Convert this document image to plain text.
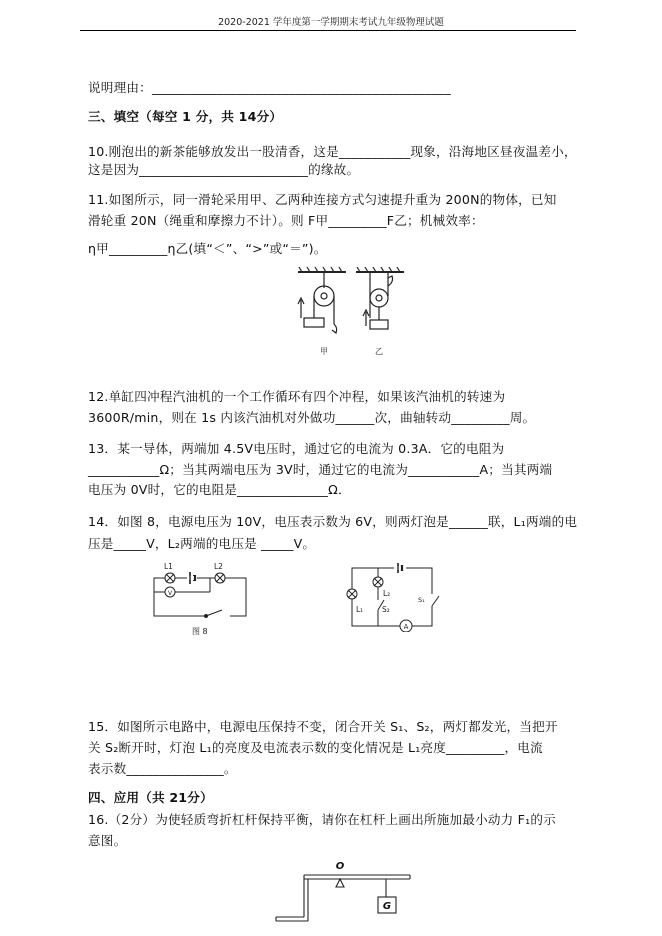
2020-2021 学年度第一学期期末考试九年级物理试题
说明理由：______________________________________________
三、填空（每空 1 分，共 14分）
10.刚泡出的新茶能够放发出一股清香，这是___________现象，沿海地区昼夜温差小，
这是因为__________________________的缘故。
11.如图所示，同一滑轮采用甲、乙两种连接方式匀速提升重为 200N的物体，已知
滑轮重 20N（绳重和摩擦力不计）。则 F甲_________F乙；机械效率：
η甲_________η乙(填“＜”、“>”或“＝”)。
甲	乙
12.单缸四冲程汽油机的一个工作循环有四个冲程，如果该汽油机的转速为
3600R/min，则在 1s 内该汽油机对外做功______次，曲轴转动_________周。
13．某一导体，两端加 4.5V电压时，通过它的电流为 0.3A．它的电阻为
___________Ω；当其两端电压为 3V时，通过它的电流为___________A；当其两端
电压为 0V时，它的电阻是______________Ω．
14．如图 8，电源电压为 10V，电压表示数为 6V，则两灯泡是______联，L₁两端的电
压是_____V，L₂两端的电压是 _____V。
V
L1	L2
图 8	A
L₁
L₂
S₂
S₁
15．如图所示电路中，电源电压保持不变，闭合开关 S₁、S₂，两灯都发光，当把开
关 S₂断开时，灯泡 L₁的亮度及电流表示数的变化情况是 L₁亮度_________，电流
表示数_______________。
四、应用（共 21分）
16.（2分）为使轻质弯折杠杆保持平衡，请你在杠杆上画出所施加最小动力 F₁的示
意图。
O
G
